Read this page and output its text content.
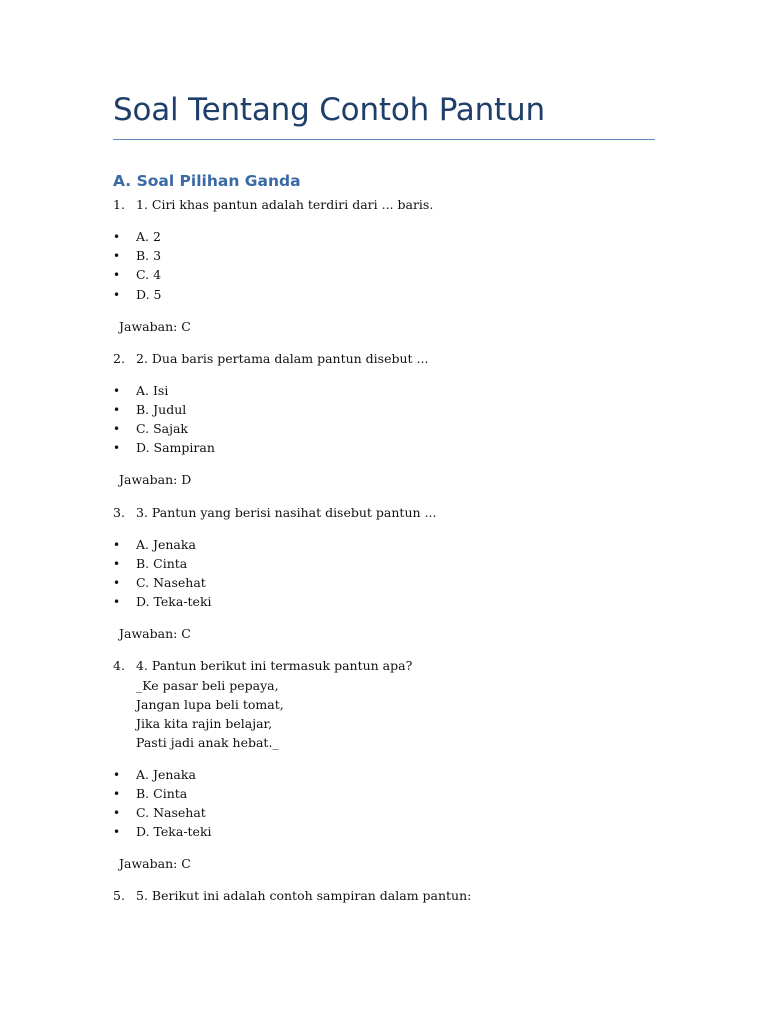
Soal Tentang Contoh Pantun
A. Soal Pilihan Ganda
1. 1. Ciri khas pantun adalah terdiri dari ... baris.
• A. 2
• B. 3
• C. 4
• D. 5
Jawaban: C
2. 2. Dua baris pertama dalam pantun disebut ...
• A. Isi
• B. Judul
• C. Sajak
• D. Sampiran
Jawaban: D
3. 3. Pantun yang berisi nasihat disebut pantun ...
• A. Jenaka
• B. Cinta
• C. Nasehat
• D. Teka-teki
Jawaban: C
4. 4. Pantun berikut ini termasuk pantun apa?
_Ke pasar beli pepaya,
Jangan lupa beli tomat,
Jika kita rajin belajar,
Pasti jadi anak hebat._
• A. Jenaka
• B. Cinta
• C. Nasehat
• D. Teka-teki
Jawaban: C
5. 5. Berikut ini adalah contoh sampiran dalam pantun:
